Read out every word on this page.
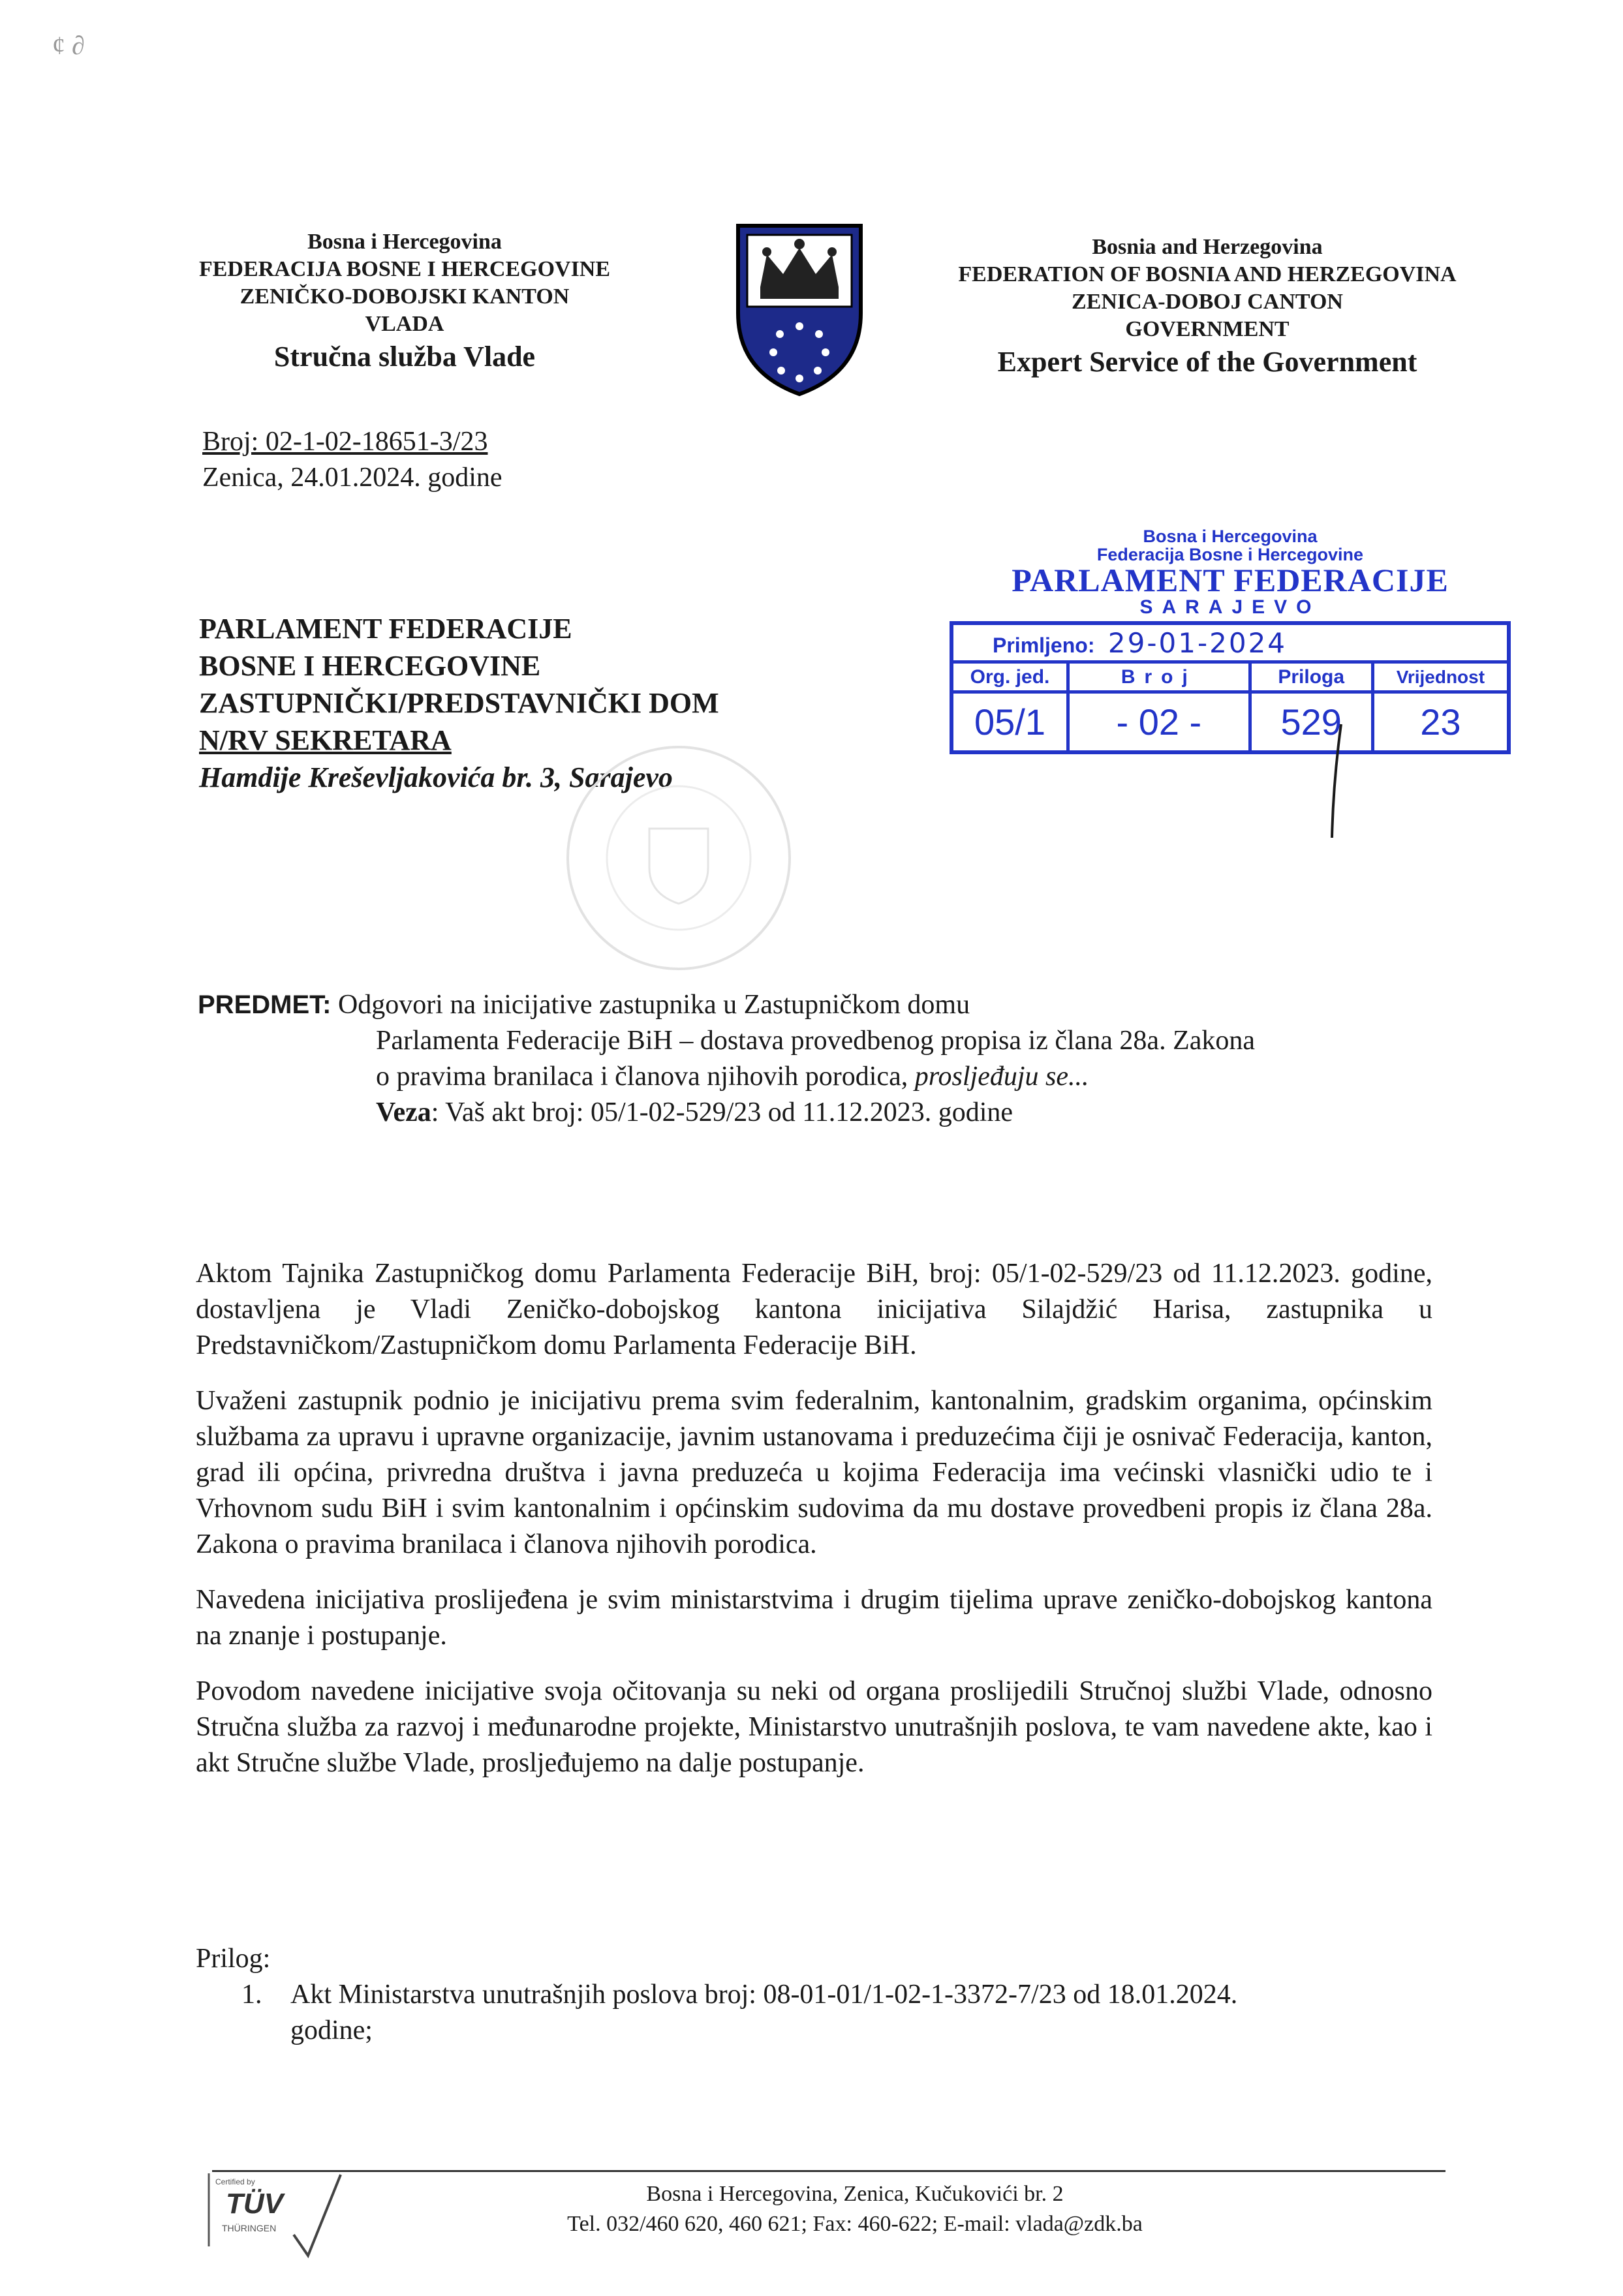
¢ ∂
Bosna i Hercegovina
FEDERACIJA BOSNE I HERCEGOVINE
ZENIČKO-DOBOJSKI KANTON
VLADA
Stručna služba Vlade
Bosnia and Herzegovina
FEDERATION OF BOSNIA AND HERZEGOVINA
ZENICA-DOBOJ CANTON
GOVERNMENT
Expert Service of the Government
Broj: 02-1-02-18651-3/23
Zenica, 24.01.2024. godine
Bosna i Hercegovina
Federacija Bosne i Hercegovine
PARLAMENT FEDERACIJE
SARAJEVO
Primljeno: 29-01-2024			
Org. jed.	Broj	Priloga	Vrijednost
05/1	- 02 -	529	23
PARLAMENT FEDERACIJE
BOSNE I HERCEGOVINE
ZASTUPNIČKI/PREDSTAVNIČKI DOM
N/RV SEKRETARA
Hamdije Kreševljakovića br. 3, Sarajevo
PREDMET: Odgovori na inicijative zastupnika u Zastupničkom domu
Parlamenta Federacije BiH – dostava provedbenog propisa iz člana 28a. Zakona
o pravima branilaca i članova njihovih porodica, prosljeđuju se...
Veza: Vaš akt broj: 05/1-02-529/23 od 11.12.2023. godine

Aktom Tajnika Zastupničkog domu Parlamenta Federacije BiH, broj: 05/1-02-529/23 od 11.12.2023. godine, dostavljena je Vladi Zeničko-dobojskog kantona inicijativa Silajdžić Harisa, zastupnika u Predstavničkom/Zastupničkom domu Parlamenta Federacije BiH.

Uvaženi zastupnik podnio je inicijativu prema svim federalnim, kantonalnim, gradskim organima, općinskim službama za upravu i upravne organizacije, javnim ustanovama i preduzećima čiji je osnivač Federacija, kanton, grad ili općina, privredna društva i javna preduzeća u kojima Federacija ima većinski vlasnički udio te i Vrhovnom sudu BiH i svim kantonalnim i općinskim sudovima da mu dostave provedbeni propis iz člana 28a. Zakona o pravima branilaca i članova njihovih porodica.

Navedena inicijativa proslijeđena je svim ministarstvima i drugim tijelima uprave zeničko-dobojskog kantona na znanje i postupanje.

Povodom navedene inicijative svoja očitovanja su neki od organa proslijedili Stručnoj službi Vlade, odnosno Stručna služba za razvoj i međunarodne projekte, Ministarstvo unutrašnjih poslova, te vam navedene akte, kao i akt Stručne službe Vlade, prosljeđujemo na dalje postupanje.

Prilog:
1. Akt Ministarstva unutrašnjih poslova broj: 08-01-01/1-02-1-3372-7/23 od 18.01.2024.
godine;
Certified by
TÜV
THÜRINGEN
Bosna i Hercegovina, Zenica, Kučukovići br. 2
Tel. 032/460 620, 460 621; Fax: 460-622; E-mail: vlada@zdk.ba
